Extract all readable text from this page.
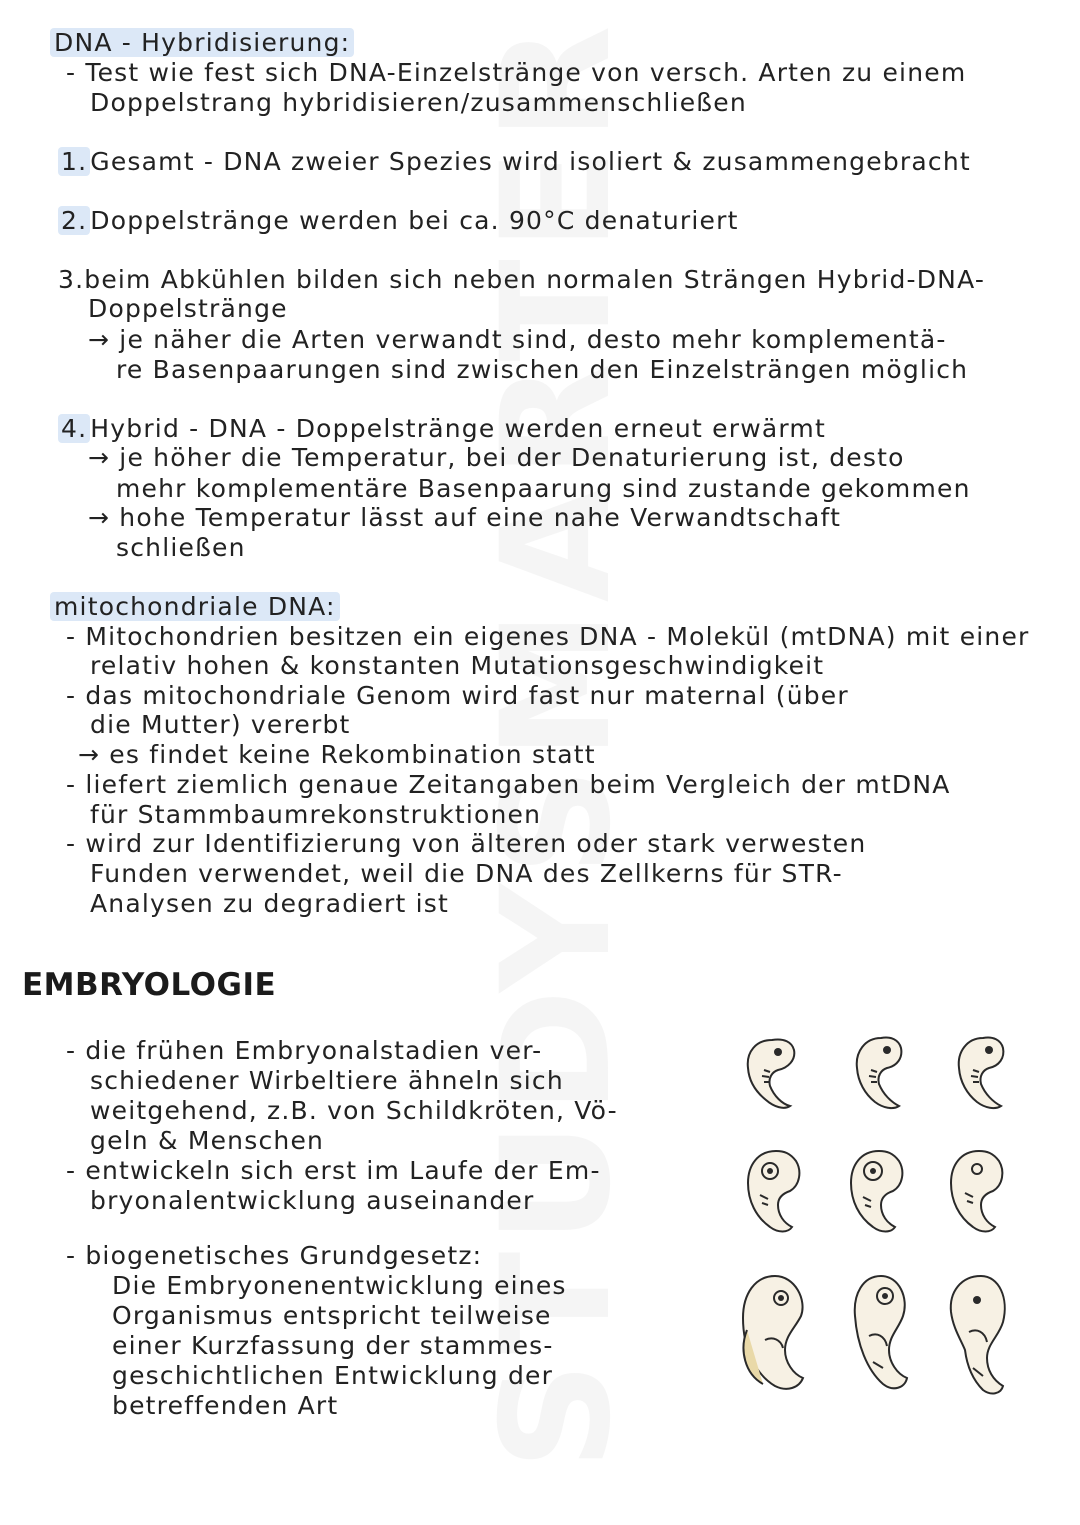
STUDYSMARTER
DNA - Hybridisierung:
- Test wie fest sich DNA-Einzelstränge von versch. Arten zu einem
Doppelstrang hybridisieren/zusammenschließen
1. Gesamt - DNA zweier Spezies wird isoliert & zusammengebracht
2. Doppelstränge werden bei ca. 90°C denaturiert
3.beim Abkühlen bilden sich neben normalen Strängen Hybrid-DNA-
Doppelstränge
→ je näher die Arten verwandt sind, desto mehr komplementä-
re Basenpaarungen sind zwischen den Einzelsträngen möglich
4. Hybrid - DNA - Doppelstränge werden erneut erwärmt
→ je höher die Temperatur, bei der Denaturierung ist, desto
mehr komplementäre Basenpaarung sind zustande gekommen
→ hohe Temperatur lässt auf eine nahe Verwandtschaft
schließen
mitochondriale DNA:
- Mitochondrien besitzen ein eigenes DNA - Molekül (mtDNA) mit einer
relativ hohen & konstanten Mutationsgeschwindigkeit
- das mitochondriale Genom wird fast nur maternal (über
die Mutter) vererbt
→ es findet keine Rekombination statt
- liefert ziemlich genaue Zeitangaben beim Vergleich der mtDNA
für Stammbaumrekonstruktionen
- wird zur Identifizierung von älteren oder stark verwesten
Funden verwendet, weil die DNA des Zellkerns für STR-
Analysen zu degradiert ist
EMBRYOLOGIE
- die frühen Embryonalstadien ver-
schiedener Wirbeltiere ähneln sich
weitgehend, z.B. von Schildkröten, Vö-
geln & Menschen
- entwickeln sich erst im Laufe der Em-
bryonalentwicklung auseinander
- biogenetisches Grundgesetz:
Die Embryonenentwicklung eines
Organismus entspricht teilweise
einer Kurzfassung der stammes-
geschichtlichen Entwicklung der
betreffenden Art
